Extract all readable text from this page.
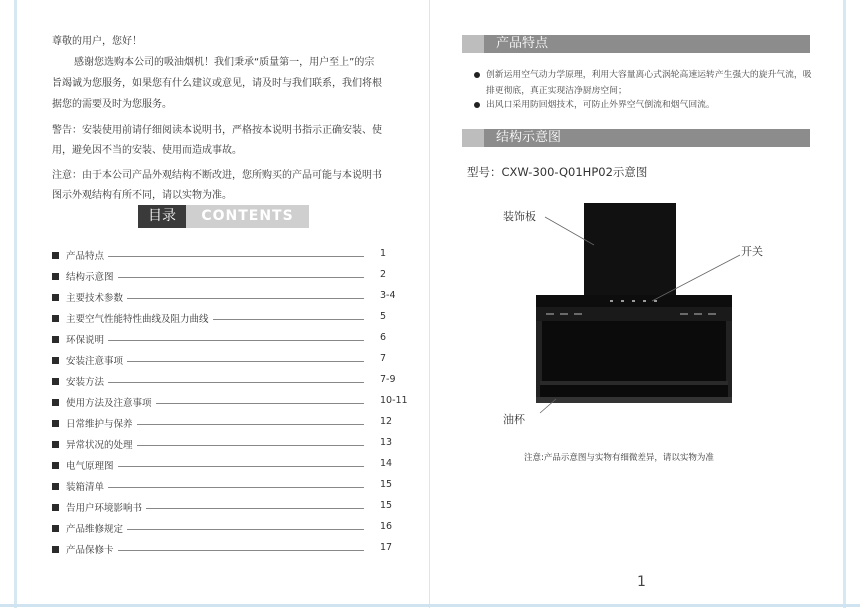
尊敬的用户，您好！
感谢您选购本公司的吸油烟机！我们秉承“质量第一，用户至上”的宗
旨竭诚为您服务，如果您有什么建议或意见，请及时与我们联系，我们将根
据您的需要及时为您服务。
警告：安装使用前请仔细阅读本说明书，严格按本说明书指示正确安装、使
用，避免因不当的安装、使用而造成事故。
注意：由于本公司产品外观结构不断改进，您所购买的产品可能与本说明书
图示外观结构有所不同，请以实物为准。
目录	CONTENTS
产品特点	1
结构示意图	2
主要技术参数	3-4
主要空气性能特性曲线及阻力曲线	5
环保说明	6
安装注意事项	7
安装方法	7-9
使用方法及注意事项	10-11
日常维护与保养	12
异常状况的处理	13
电气原理图	14
装箱清单	15
告用户环境影响书	15
产品维修规定	16
产品保修卡	17
产品特点
创新运用空气动力学原理，利用大容量离心式涡轮高速运转产生强大的旋升气流，吸排更彻底，真正实现洁净厨房空间；
出风口采用防回烟技术，可防止外界空气倒流和烟气回流。
结构示意图
型号：CXW-300-Q01HP02示意图
装饰板
开关
油杯
注意:产品示意图与实物有细微差异，请以实物为准
1
